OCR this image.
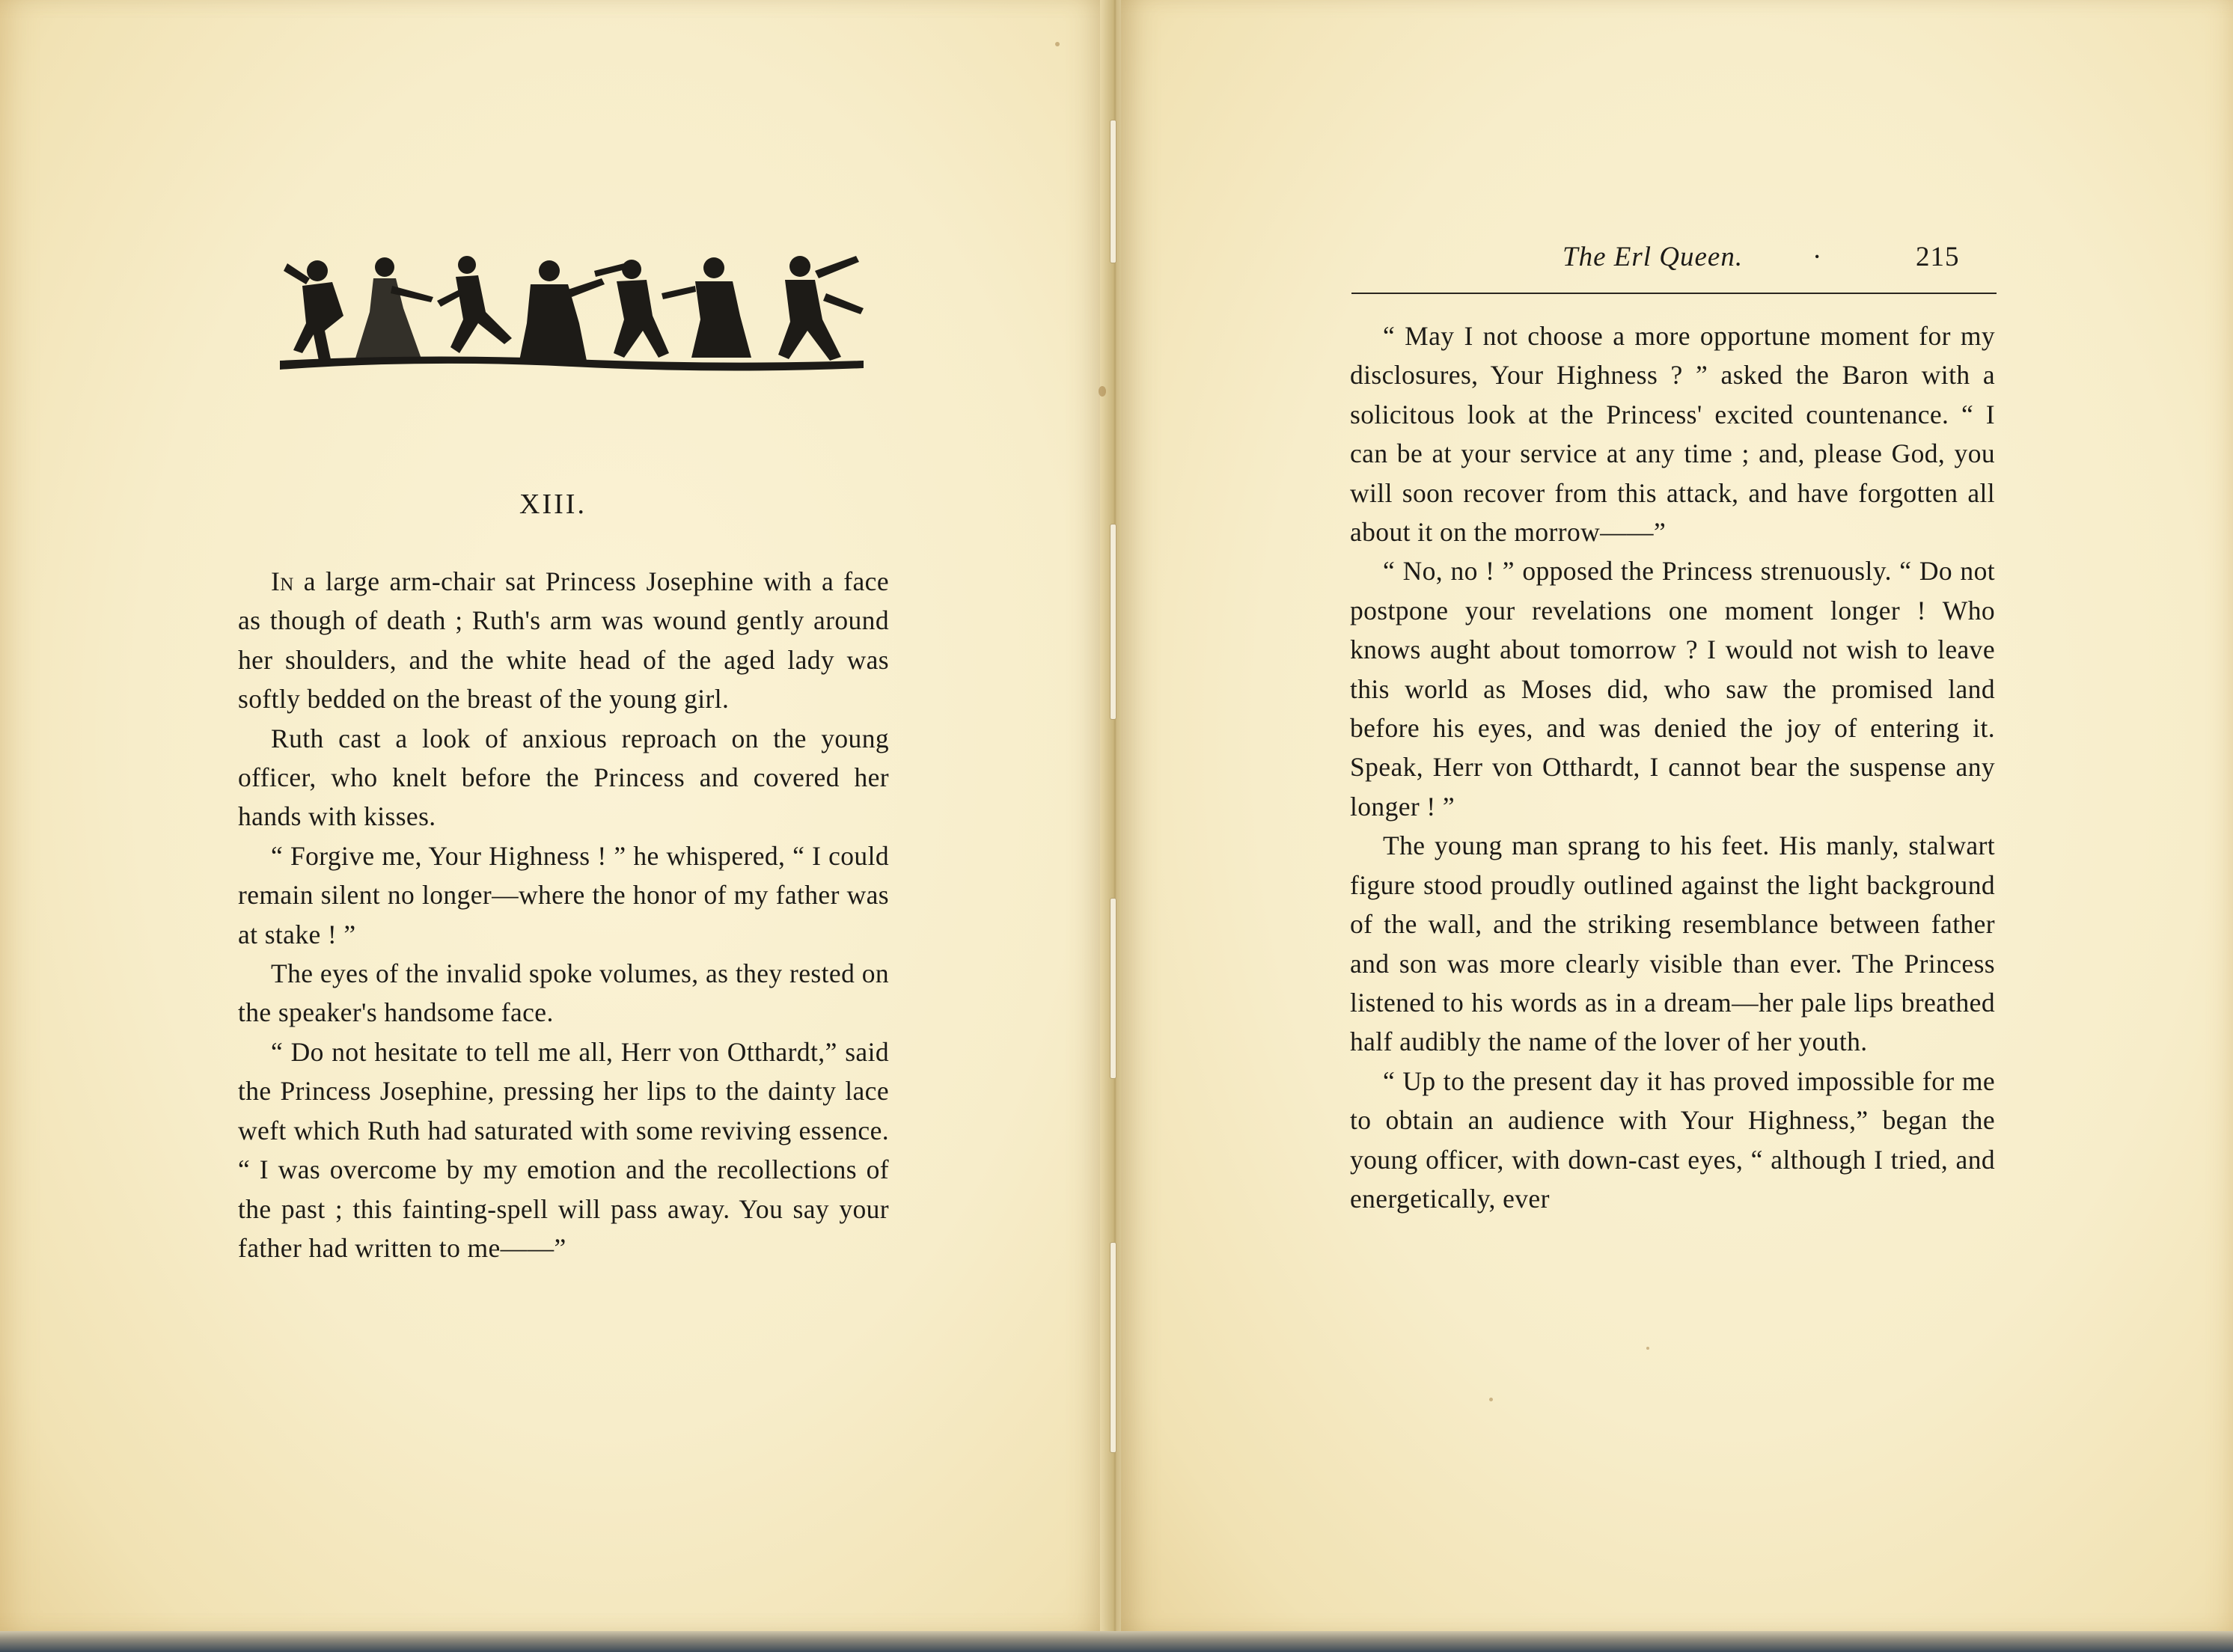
XIII.

In a large arm-chair sat Princess Josephine with a face as though of death ; Ruth's arm was wound gently around her shoulders, and the white head of the aged lady was softly bedded on the breast of the young girl.

Ruth cast a look of anxious reproach on the young officer, who knelt before the Princess and covered her hands with kisses.

“ Forgive me, Your Highness ! ” he whispered, “ I could remain silent no longer—where the honor of my father was at stake ! ”

The eyes of the invalid spoke volumes, as they rested on the speaker's handsome face.

“ Do not hesitate to tell me all, Herr von Otthardt,” said the Princess Josephine, pressing her lips to the dainty lace weft which Ruth had saturated with some reviving essence. “ I was overcome by my emotion and the recollections of the past ; this fainting-spell will pass away. You say your father had written to me——”

The Erl Queen.	·	215

“ May I not choose a more opportune moment for my disclosures, Your Highness ? ” asked the Baron with a solicitous look at the Princess' excited countenance. “ I can be at your service at any time ; and, please God, you will soon recover from this attack, and have forgotten all about it on the morrow——”

“ No, no ! ” opposed the Princess strenuously. “ Do not postpone your revelations one moment longer ! Who knows aught about tomorrow ? I would not wish to leave this world as Moses did, who saw the promised land before his eyes, and was denied the joy of entering it. Speak, Herr von Otthardt, I cannot bear the suspense any longer ! ”

The young man sprang to his feet. His manly, stalwart figure stood proudly outlined against the light background of the wall, and the striking resemblance between father and son was more clearly visible than ever. The Princess listened to his words as in a dream—her pale lips breathed half audibly the name of the lover of her youth.

“ Up to the present day it has proved impossible for me to obtain an audience with Your Highness,” began the young officer, with down-cast eyes, “ although I tried, and energetically, ever
